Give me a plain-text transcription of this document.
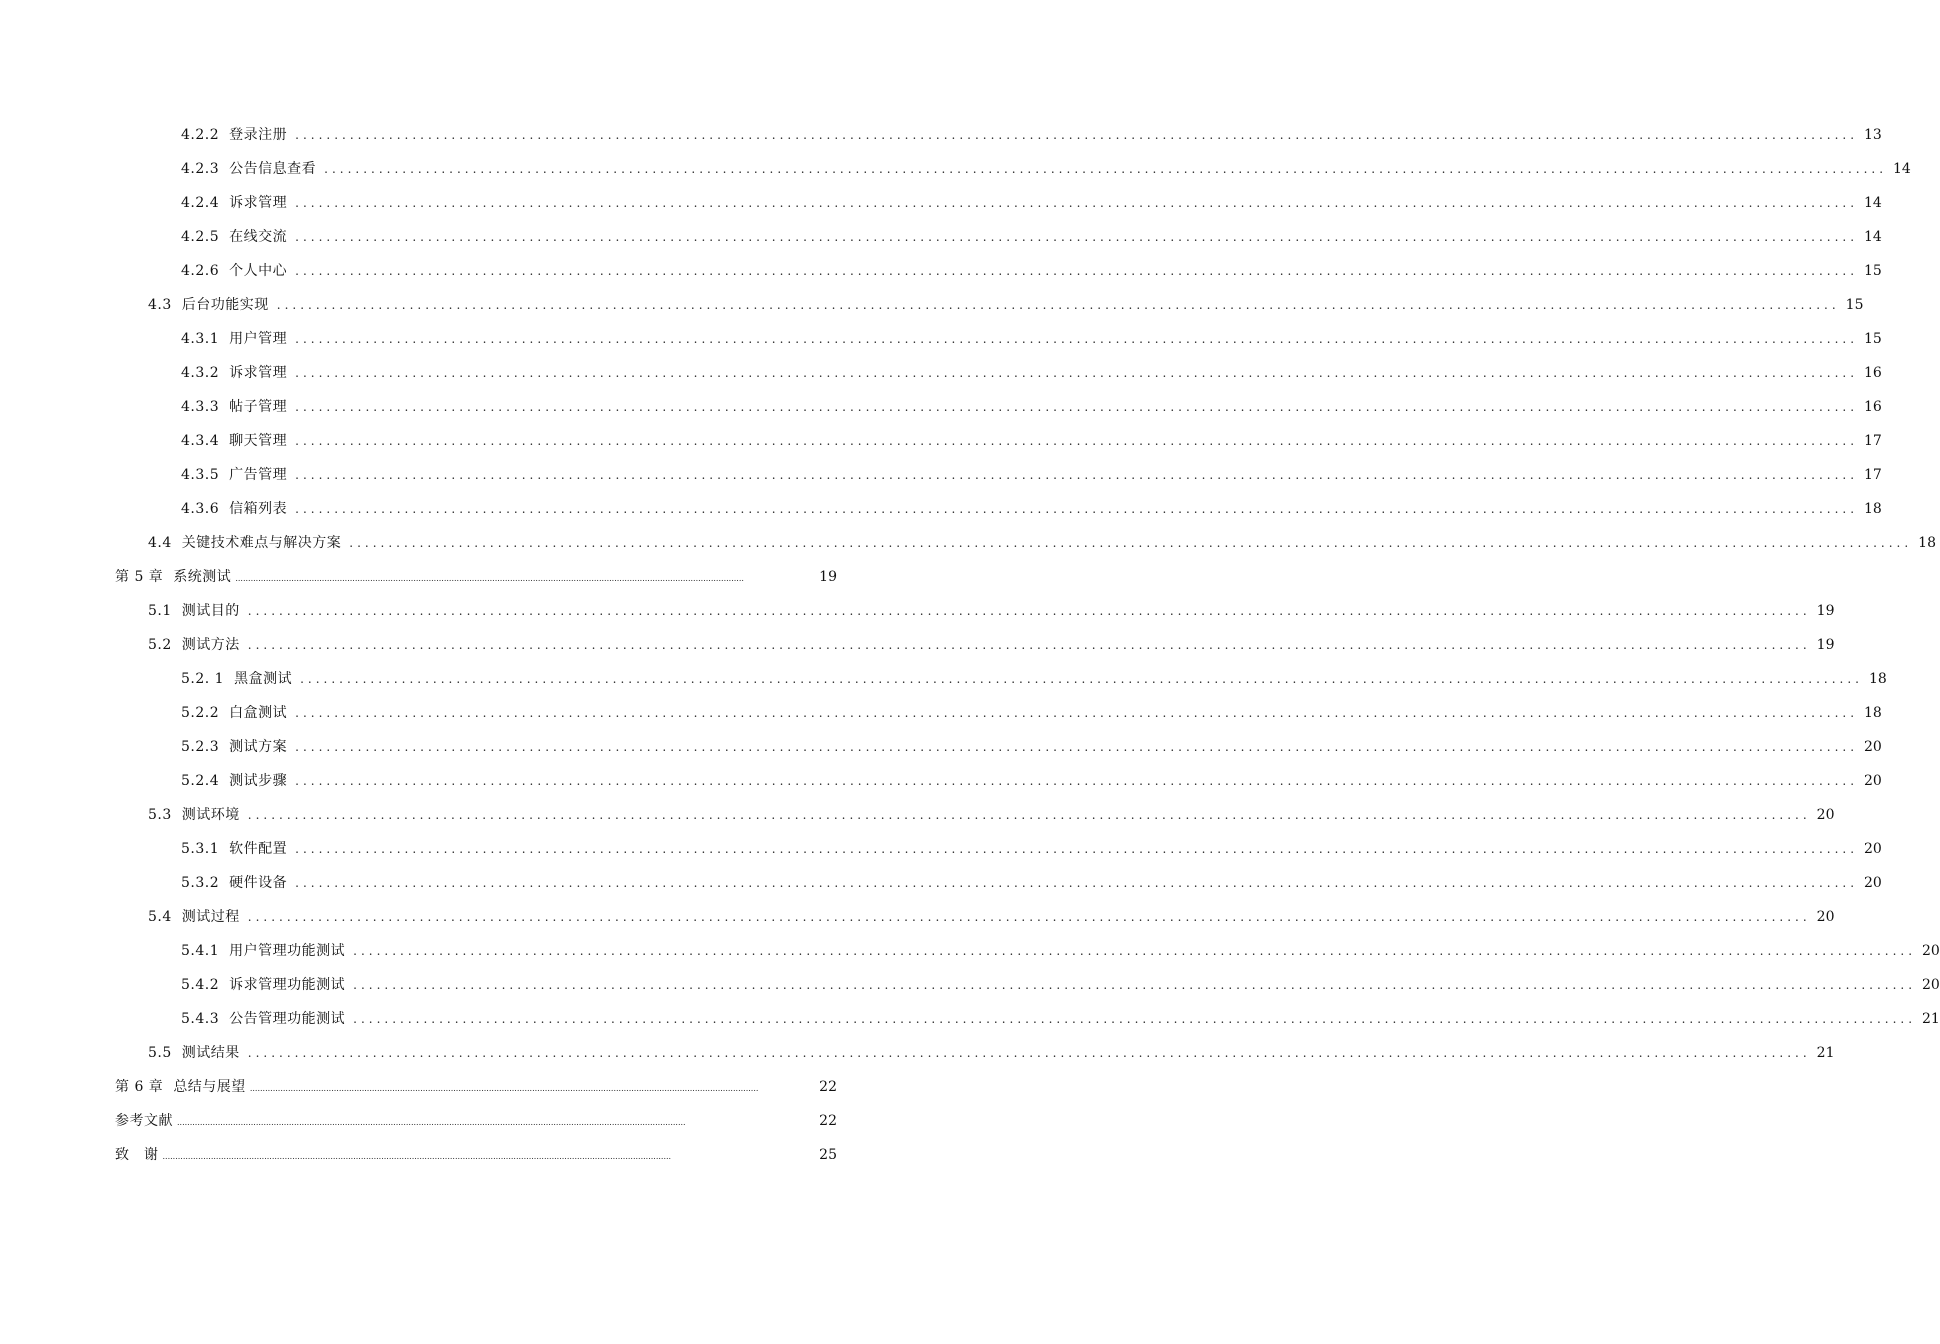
4.2.2 登录注册 ........................................................................................................................................................................................................ 13
4.2.3 公告信息查看 ........................................................................................................................................................................................................ 14
4.2.4 诉求管理 ........................................................................................................................................................................................................ 14
4.2.5 在线交流 ........................................................................................................................................................................................................ 14
4.2.6 个人中心 ........................................................................................................................................................................................................ 15
4.3 后台功能实现 ........................................................................................................................................................................................................ 15
4.3.1 用户管理 ........................................................................................................................................................................................................ 15
4.3.2 诉求管理 ........................................................................................................................................................................................................ 16
4.3.3 帖子管理 ........................................................................................................................................................................................................ 16
4.3.4 聊天管理 ........................................................................................................................................................................................................ 17
4.3.5 广告管理 ........................................................................................................................................................................................................ 17
4.3.6 信箱列表 ........................................................................................................................................................................................................ 18
4.4 关键技术难点与解决方案 ........................................................................................................................................................................................................ 18
第 5 章 系统测试 ........................................................................................................................................................................................................	19
5.1 测试目的 ........................................................................................................................................................................................................ 19
5.2 测试方法 ........................................................................................................................................................................................................ 19
5.2. 1 黑盒测试 ........................................................................................................................................................................................................ 18
5.2.2 白盒测试 ........................................................................................................................................................................................................ 18
5.2.3 测试方案 ........................................................................................................................................................................................................ 20
5.2.4 测试步骤 ........................................................................................................................................................................................................ 20
5.3 测试环境 ........................................................................................................................................................................................................ 20
5.3.1 软件配置 ........................................................................................................................................................................................................ 20
5.3.2 硬件设备 ........................................................................................................................................................................................................ 20
5.4 测试过程 ........................................................................................................................................................................................................ 20
5.4.1 用户管理功能测试 ........................................................................................................................................................................................................ 20
5.4.2 诉求管理功能测试 ........................................................................................................................................................................................................ 20
5.4.3 公告管理功能测试 ........................................................................................................................................................................................................ 21
5.5 测试结果 ........................................................................................................................................................................................................ 21
第 6 章 总结与展望 ........................................................................................................................................................................................................	22
参考文献 ........................................................................................................................................................................................................	22
致　谢 ........................................................................................................................................................................................................	25
